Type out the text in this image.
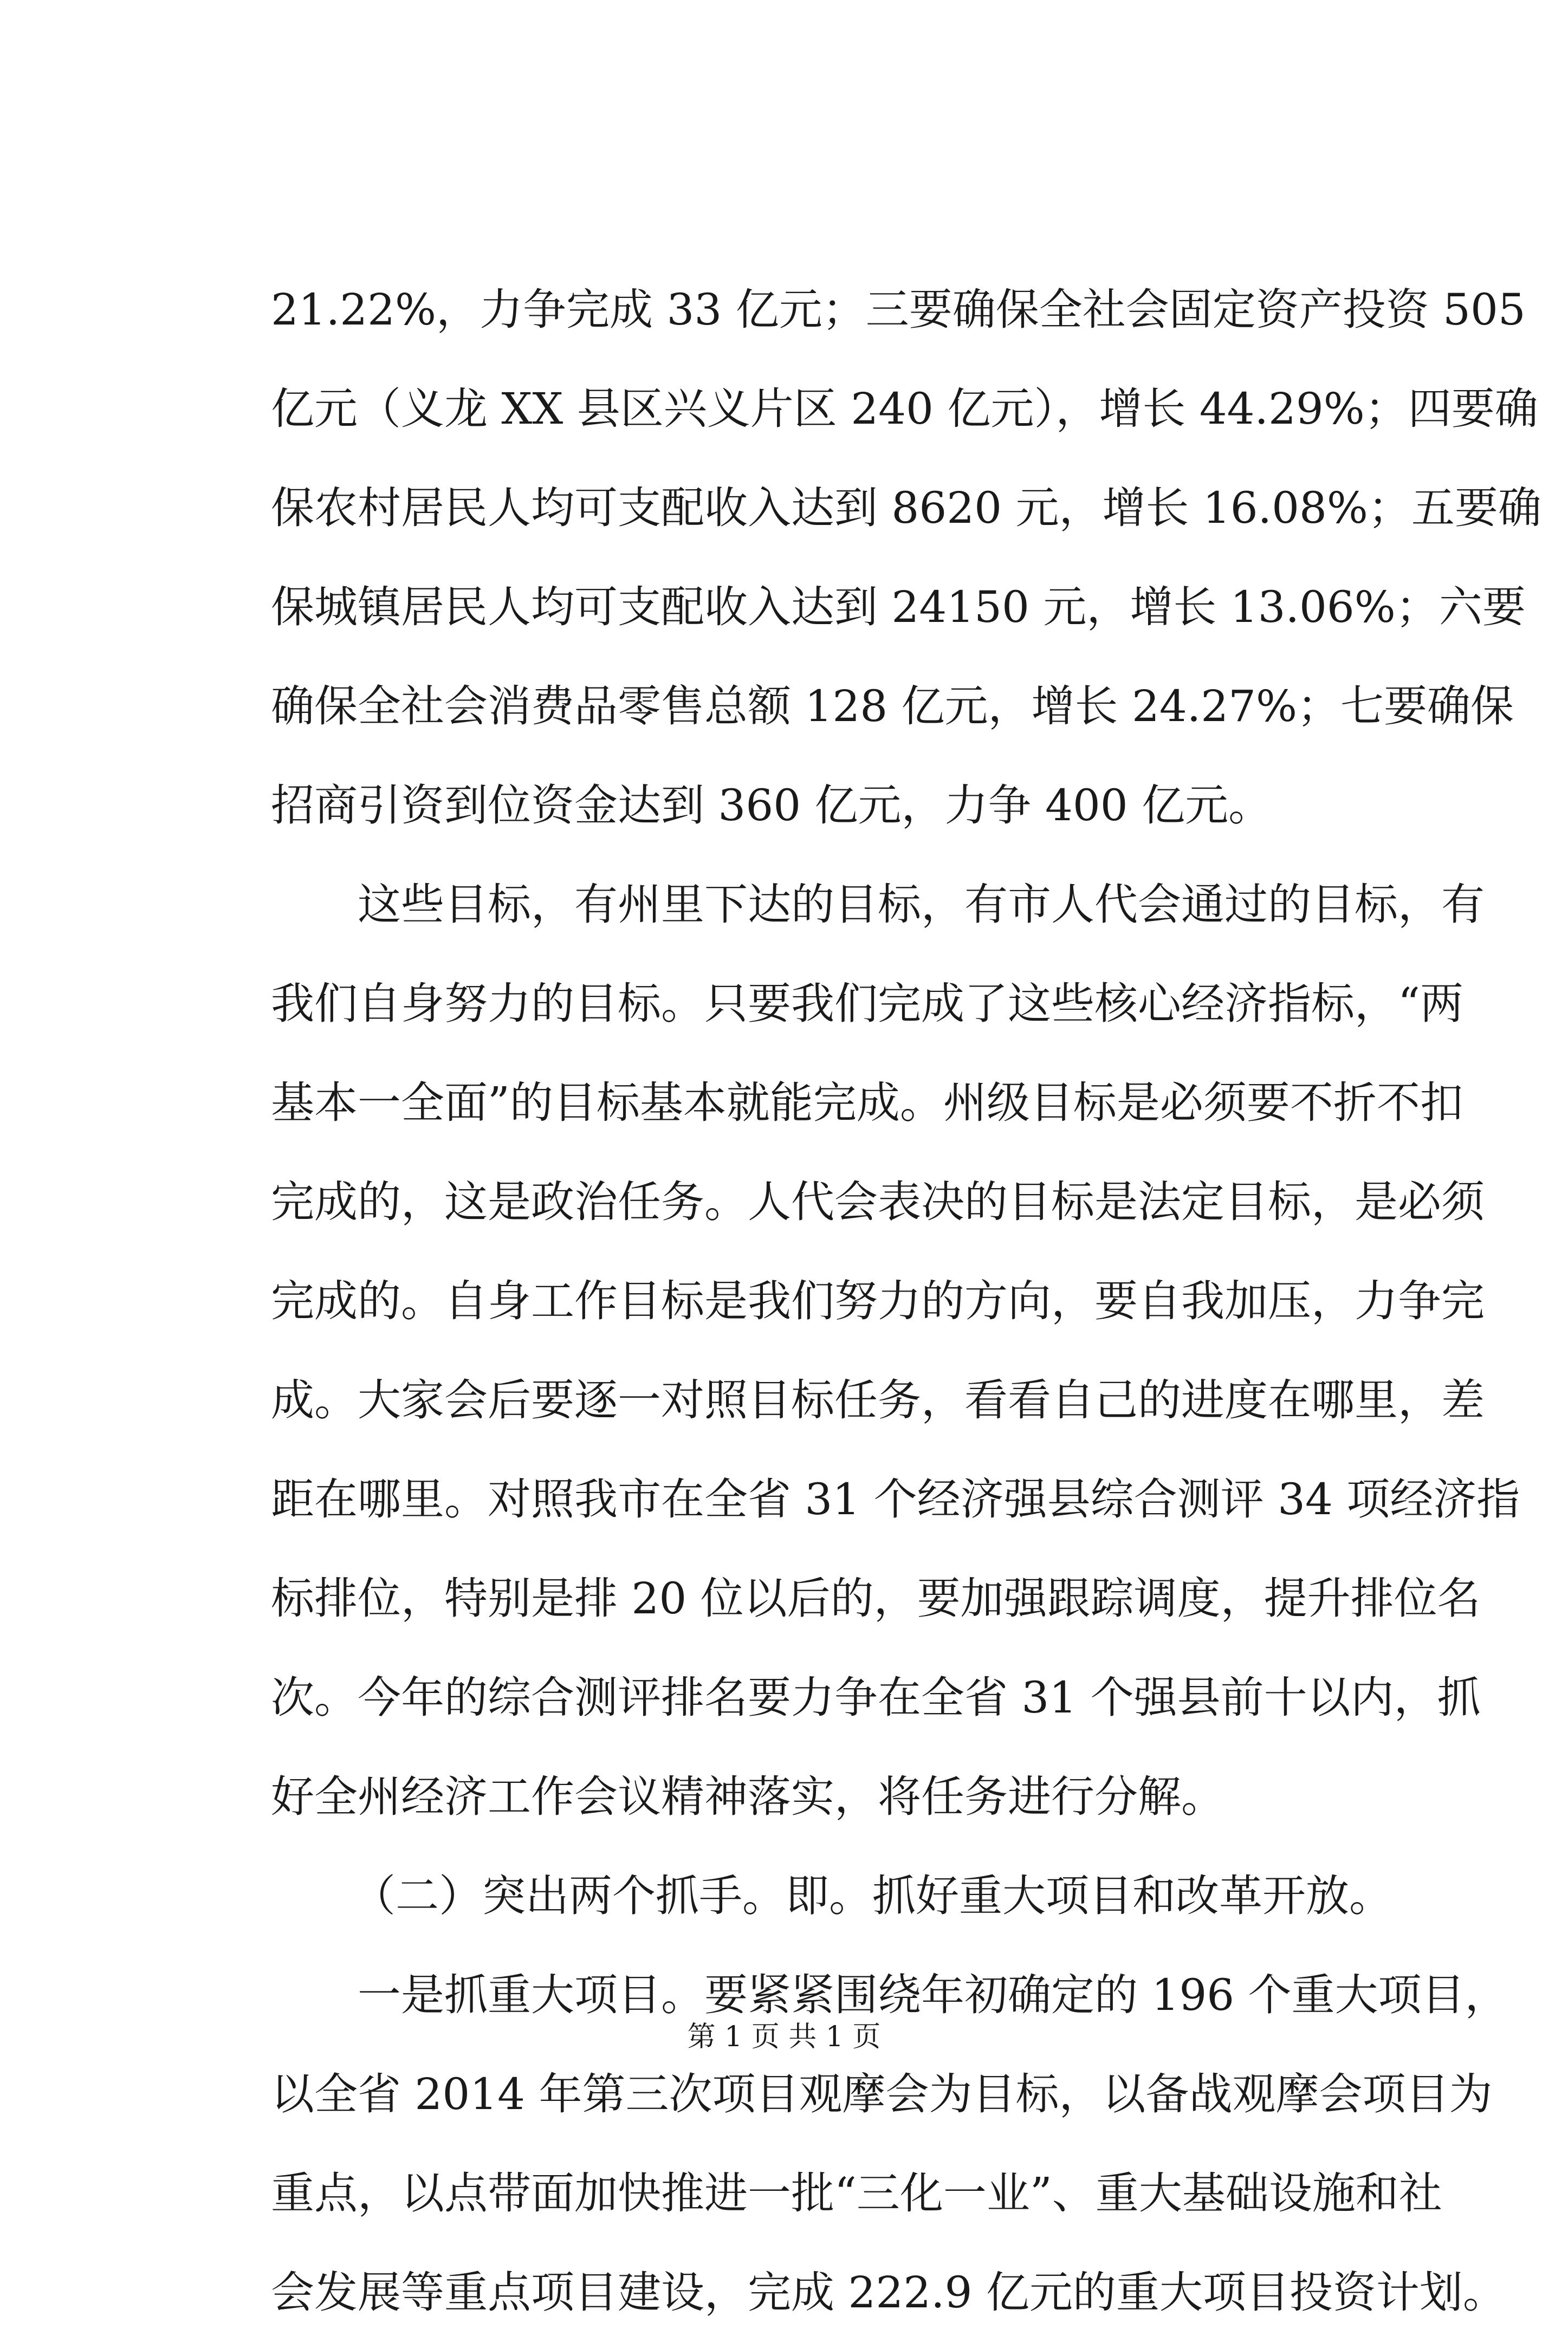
21.22%，力争完成 33 亿元；三要确保全社会固定资产投资 505
亿元（义龙 XX 县区兴义片区 240 亿元），增长 44.29%；四要确
保农村居民人均可支配收入达到 8620 元，增长 16.08%；五要确
保城镇居民人均可支配收入达到 24150 元，增长 13.06%；六要
确保全社会消费品零售总额 128 亿元，增长 24.27%；七要确保
招商引资到位资金达到 360 亿元，力争 400 亿元。
这些目标，有州里下达的目标，有市人代会通过的目标，有
我们自身努力的目标。只要我们完成了这些核心经济指标，“两
基本一全面”的目标基本就能完成。州级目标是必须要不折不扣
完成的，这是政治任务。人代会表决的目标是法定目标，是必须
完成的。自身工作目标是我们努力的方向，要自我加压，力争完
成。大家会后要逐一对照目标任务，看看自己的进度在哪里，差
距在哪里。对照我市在全省 31 个经济强县综合测评 34 项经济指
标排位，特别是排 20 位以后的，要加强跟踪调度，提升排位名
次。今年的综合测评排名要力争在全省 31 个强县前十以内，抓
好全州经济工作会议精神落实，将任务进行分解。
（二）突出两个抓手。即。抓好重大项目和改革开放。
一是抓重大项目。要紧紧围绕年初确定的 196 个重大项目，
以全省 2014 年第三次项目观摩会为目标，以备战观摩会项目为
重点，以点带面加快推进一批“三化一业”、重大基础设施和社
会发展等重点项目建设，完成 222.9 亿元的重大项目投资计划。
第 1 页 共 1 页
